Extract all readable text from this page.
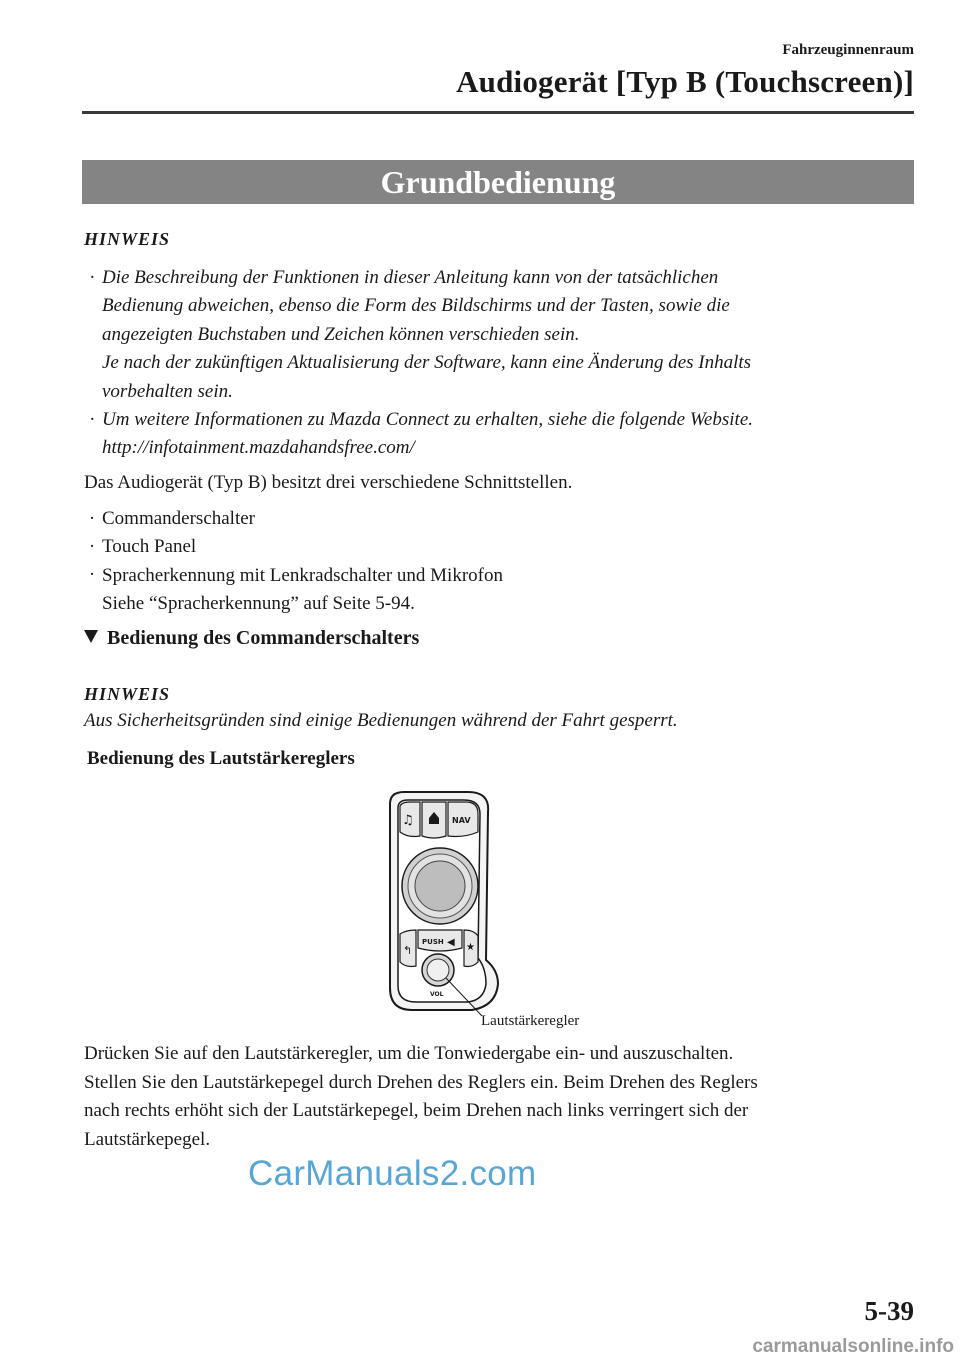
Fahrzeuginnenraum
Audiogerät [Typ B (Touchscreen)]
Grundbedienung
HINWEIS
· Die Beschreibung der Funktionen in dieser Anleitung kann von der tatsächlichen
Bedienung abweichen, ebenso die Form des Bildschirms und der Tasten, sowie die
angezeigten Buchstaben und Zeichen können verschieden sein.
Je nach der zukünftigen Aktualisierung der Software, kann eine Änderung des Inhalts
vorbehalten sein.
· Um weitere Informationen zu Mazda Connect zu erhalten, siehe die folgende Website.
http://infotainment.mazdahandsfree.com/
Das Audiogerät (Typ B) besitzt drei verschiedene Schnittstellen.
·
·
·
Commanderschalter
Touch Panel
Spracherkennung mit Lenkradschalter und Mikrofon
Siehe “Spracherkennung” auf Seite 5-94.
Bedienung des Commanderschalters
HINWEIS
Aus Sicherheitsgründen sind einige Bedienungen während der Fahrt gesperrt.
Bedienung des Lautstärkereglers
♫	NAV
↰
PUSH ◀ ★
VOL
Lautstärkeregler
Drücken Sie auf den Lautstärkeregler, um die Tonwiedergabe ein- und auszuschalten.
Stellen Sie den Lautstärkepegel durch Drehen des Reglers ein. Beim Drehen des Reglers
nach rechts erhöht sich der Lautstärkepegel, beim Drehen nach links verringert sich der
Lautstärkepegel.
CarManuals2.com
carmanualsonline.info
5-39
